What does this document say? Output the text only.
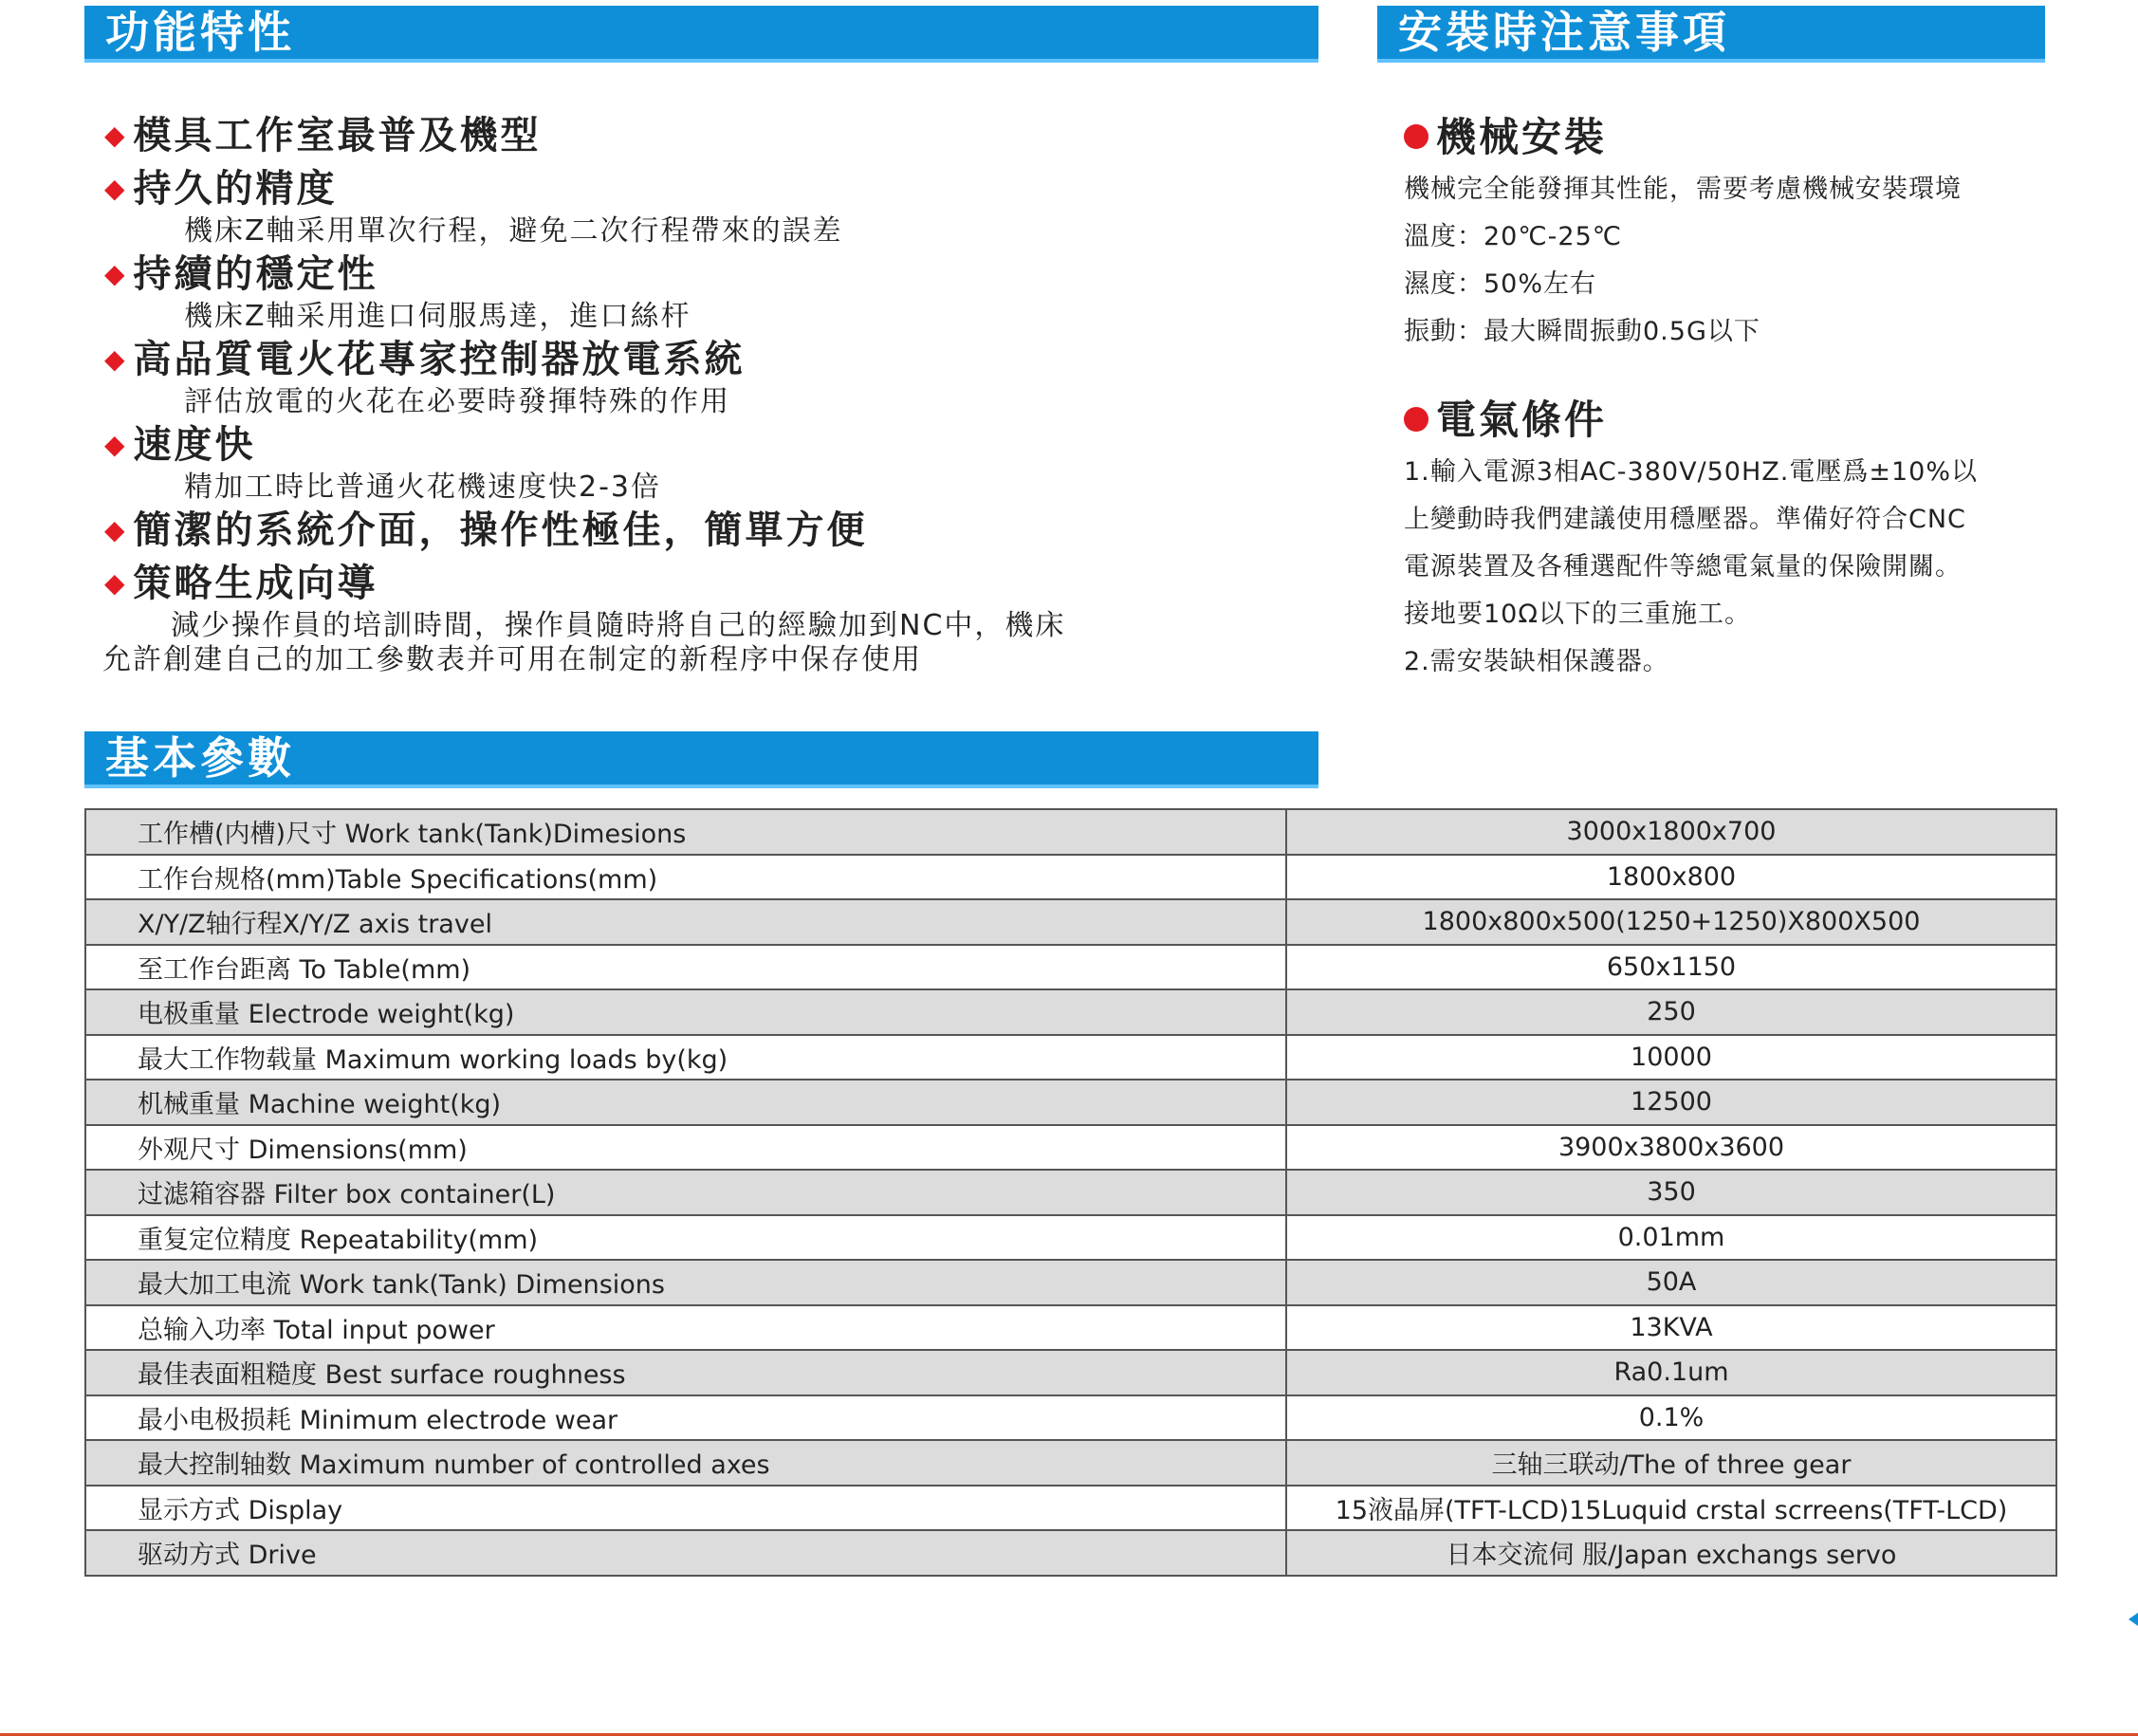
功能特性	安裝時注意事項
基本參數
◆ 模具工作室最普及機型
◆ 持久的精度
機床Z軸采用單次行程，避免二次行程帶來的誤差
◆ 持續的穩定性
機床Z軸采用進口伺服馬達，進口絲杆
◆ 高品質電火花專家控制器放電系統
評估放電的火花在必要時發揮特殊的作用
◆ 速度快
精加工時比普通火花機速度快2-3倍
◆ 簡潔的系統介面，操作性極佳，簡單方便
◆ 策略生成向導
減少操作員的培訓時間，操作員隨時將自己的經驗加到NC中，機床
允許創建自己的加工參數表并可用在制定的新程序中保存使用
機械安裝
機械完全能發揮其性能，需要考慮機械安裝環境
溫度：20℃-25℃
濕度：50%左右
振動：最大瞬間振動0.5G以下
電氣條件
1.輸入電源3相AC-380V/50HZ.電壓爲±10%以
上變動時我們建議使用穩壓器。準備好符合CNC
電源裝置及各種選配件等總電氣量的保險開關。
接地要10Ω以下的三重施工。
2.需安裝缺相保護器。
工作槽(内槽)尺寸 Work tank(Tank)Dimesions	3000x1800x700
工作台规格(mm)Table Specifications(mm)	1800x800
X/Y/Z轴行程X/Y/Z axis travel	1800x800x500(1250+1250)X800X500
至工作台距离 To Table(mm)	650x1150
电极重量 Electrode weight(kg)	250
最大工作物载量 Maximum working loads by(kg)	10000
机械重量 Machine weight(kg)	12500
外观尺寸 Dimensions(mm)	3900x3800x3600
过滤箱容器 Filter box container(L)	350
重复定位精度 Repeatability(mm)	0.01mm
最大加工电流 Work tank(Tank) Dimensions	50A
总输入功率 Total input power	13KVA
最佳表面粗糙度 Best surface roughness	Ra0.1um
最小电极损耗 Minimum electrode wear	0.1%
最大控制轴数 Maximum number of controlled axes	三轴三联动/The of three gear
显示方式 Display	15液晶屏(TFT-LCD)15Luquid crstal scrreens(TFT-LCD)
驱动方式 Drive	日本交流伺 服/Japan exchangs servo
